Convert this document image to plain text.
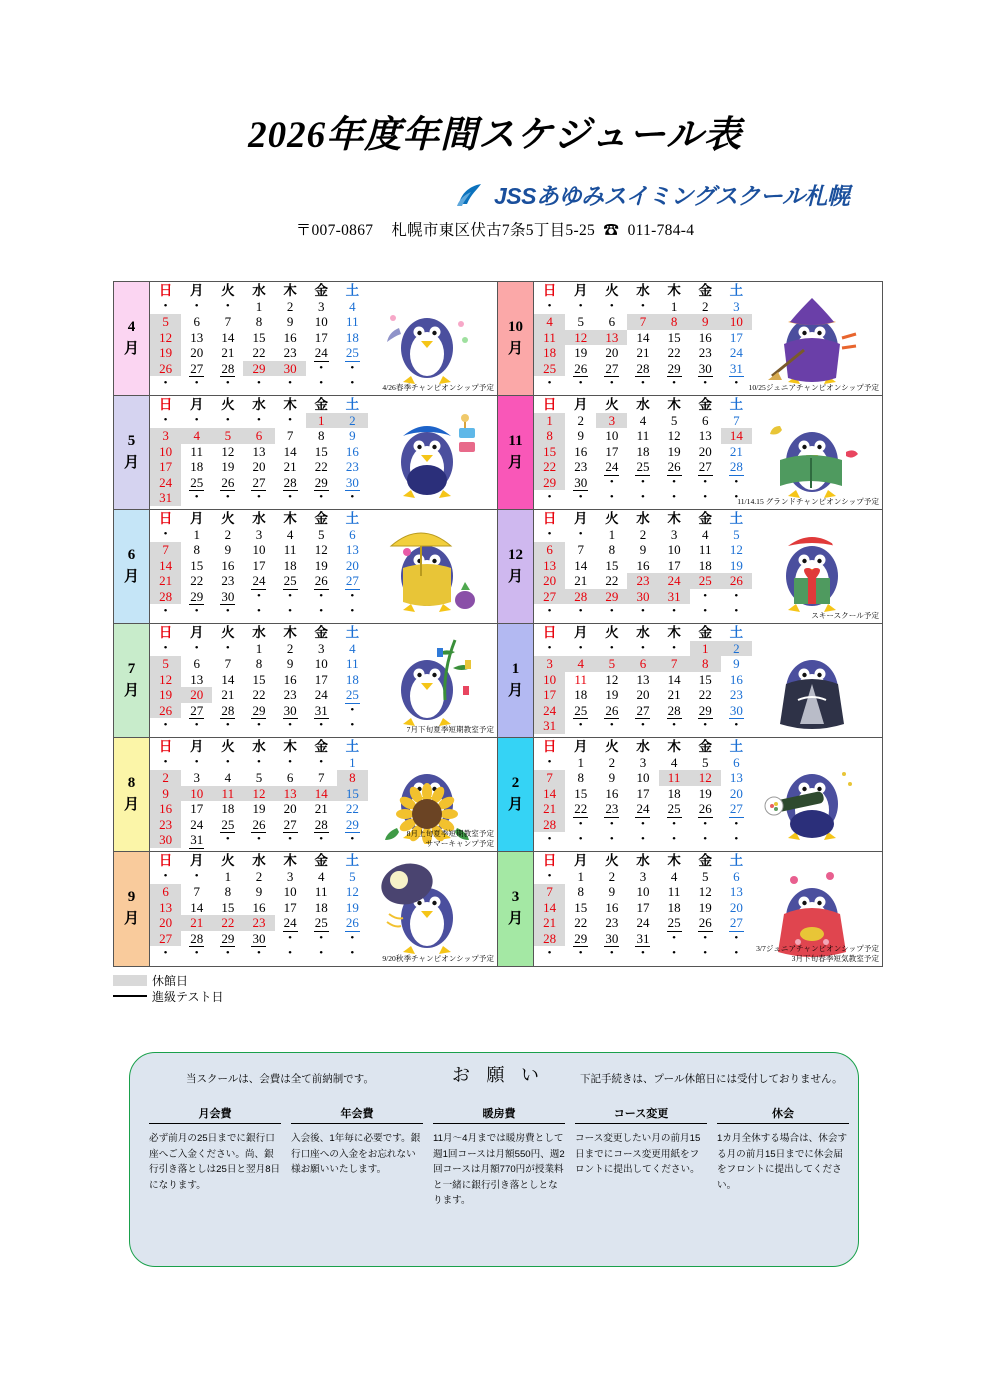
2026年度年間スケジュール表
JSSあゆみスイミングスクール札幌
〒007-0867 札幌市東区伏古7条5丁目5-25 ☎ 011-784-4
4
月
日	月	火	水	木	金	土
•	•	•	1	2	3	4
5	6	7	8	9	10	11
12	13	14	15	16	17	18
19	20	21	22	23	24	25
26	27	28	29	30	•	•
•	•	•	•	•	•	•	4/26春季チャンピオンシップ予定
5
月
日	月	火	水	木	金	土
•	•	•	•	•	1	2
3	4	5	6	7	8	9
10	11	12	13	14	15	16
17	18	19	20	21	22	23
24	25	26	27	28	29	30
31	•	•	•	•	•	•
6
月
日	月	火	水	木	金	土
•	1	2	3	4	5	6
7	8	9	10	11	12	13
14	15	16	17	18	19	20
21	22	23	24	25	26	27
28	29	30	•	•	•	•
•	•	•	•	•	•	•
7
月
日	月	火	水	木	金	土
•	•	•	1	2	3	4
5	6	7	8	9	10	11
12	13	14	15	16	17	18
19	20	21	22	23	24	25
26	27	28	29	30	31	•
•	•	•	•	•	•	•	7月下旬夏季短期教室予定
8
月
日	月	火	水	木	金	土
•	•	•	•	•	•	1
2	3	4	5	6	7	8
9	10	11	12	13	14	15
16	17	18	19	20	21	22
23	24	25	26	27	28	29
30	31	•	•	•	•	•	8月上旬夏季短期教室予定
サマーキャンプ予定
9
月
日	月	火	水	木	金	土
•	•	1	2	3	4	5
6	7	8	9	10	11	12
13	14	15	16	17	18	19
20	21	22	23	24	25	26
27	28	29	30	•	•	•
•	•	•	•	•	•	•	9/20秋季チャンピオンシップ予定
10
月
日	月	火	水	木	金	土
•	•	•	•	1	2	3
4	5	6	7	8	9	10
11	12	13	14	15	16	17
18	19	20	21	22	23	24
25	26	27	28	29	30	31
•	•	•	•	•	•	•	10/25ジュニアチャンピオンシップ予定
11
月
日	月	火	水	木	金	土
1	2	3	4	5	6	7
8	9	10	11	12	13	14
15	16	17	18	19	20	21
22	23	24	25	26	27	28
29	30	•	•	•	•	•
•	•	•	•	•	•	• 11/14.15 グランドチャンピオンシップ予定
12
月
日	月	火	水	木	金	土
•	•	1	2	3	4	5
6	7	8	9	10	11	12
13	14	15	16	17	18	19
20	21	22	23	24	25	26
27	28	29	30	31	•	•
•	•	•	•	•	•	•	スキースクール予定
1
月
日	月	火	水	木	金	土
•	•	•	•	•	1	2
3	4	5	6	7	8	9
10	11	12	13	14	15	16
17	18	19	20	21	22	23
24	25	26	27	28	29	30
31	•	•	•	•	•	•
2
月
日	月	火	水	木	金	土
•	1	2	3	4	5	6
7	8	9	10	11	12	13
14	15	16	17	18	19	20
21	22	23	24	25	26	27
28	•	•	•	•	•	•
•	•	•	•	•	•	•
3
月
日	月	火	水	木	金	土
•	1	2	3	4	5	6
7	8	9	10	11	12	13
14	15	16	17	18	19	20
21	22	23	24	25	26	27
28	29	30	31	•	•	•
•	•	•	•	•	•	•	3/7ジュニアチャンピオンシップ予定
3月下旬春季短気教室予定
休館日
進級テスト日
当スクールは、会費は全て前納制です。	お 願 い	下記手続きは、プール休館日には受付しておりません。
月会費

必ず前月の25日までに銀行口座へご入金ください。尚、銀行引き落としは25日と翌月8日になります。

年会費

入会後、1年毎に必要です。銀行口座への入金をお忘れない様お願いいたします。

暖房費

11月～4月までは暖房費として週1回コースは月額550円、週2回コースは月額770円が授業料と一緒に銀行引き落としとなります。

コース変更

コース変更したい月の前月15日までにコース変更用紙をフロントに提出してください。

休会

1カ月全休する場合は、休会する月の前月15日までに休会届をフロントに提出してください。
